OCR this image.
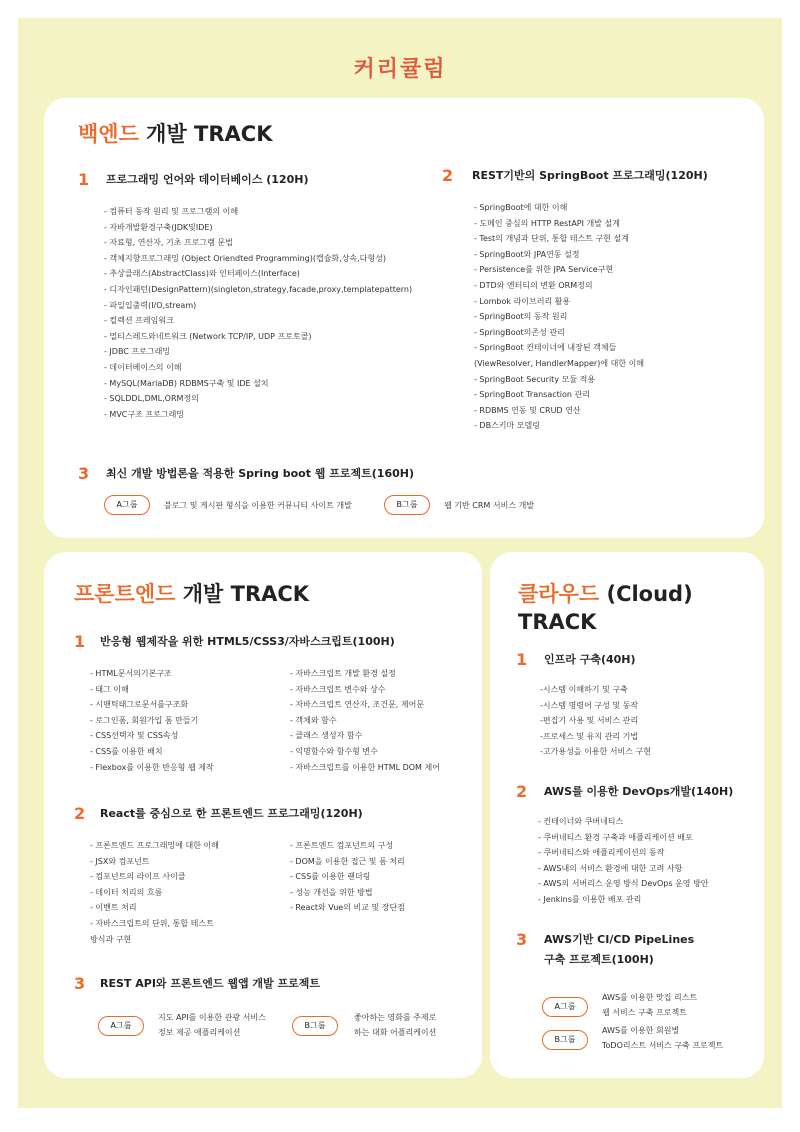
커리큘럼
백엔드 개발 TRACK
1 프로그래밍 언어와 데이터베이스 (120H)
- 컴퓨터 동작 원리 및 프로그램의 이해
- 자바개발환경구축(JDK및IDE)
- 자료형, 연산자, 기초 프로그램 문법
- 객체지향프로그래밍 (Object Oriendted Programming)(캡슐화,상속,다형성)
- 추상클래스(AbstractClass)와 인터페이스(Interface)
- 디자인패턴(DesignPattern)(singleton,strategy,facade,proxy,templatepattern)
- 파일입출력(I/O,stream)
- 컬렉션 프레임워크
- 멀티스레드와네트워크 (Network TCP/IP, UDP 프로토콜)
- JDBC 프로그래밍
- 데이터베이스의 이해
- MySQL(MariaDB) RDBMS구축 및 IDE 설치
- SQLDDL,DML,ORM정의
- MVC구조 프로그래밍
2 REST기반의 SpringBoot 프로그래밍(120H)
- SpringBoot에 대한 이해
- 도메인 중심의 HTTP RestAPI 개발 설계
- Test의 개념과 단위, 통합 테스트 구현 설계
- SpringBoot와 JPA연동 설정
- Persistence를 위한 JPA Service구현
- DTD와 엔터티의 변환 ORM정의
- Lombok 라이브러리 활용
- SpringBoot의 동작 원리
- SpringBoot의존성 관리
- SpringBoot 컨테이너에 내장된 객체들
(ViewResolver, HandlerMapper)에 대한 이해
- SpringBoot Security 모듈 적용
- SpringBoot Transaction 관리
- RDBMS 연동 및 CRUD 연산
- DB스키마 모델링
3 최신 개발 방법론을 적용한 Spring boot 웹 프로젝트(160H)
A그룹	블로그 및 게시판 형식을 이용한 커뮤니티 사이트 개발	B그룹	웹 기반 CRM 서비스 개발
프론트엔드 개발 TRACK
1 반응형 웹제작을 위한 HTML5/CSS3/자바스크립트(100H)
- HTML문서의기본구조
- 태그 이해
- 시맨틱태그로문서를구조화
- 로그인폼, 회원가입 폼 만들기
- CSS선택자 및 CSS속성
- CSS를 이용한 배치
- Flexbox를 이용한 반응형 웹 제작
- 자바스크립트 개발 환경 설정
- 자바스크립트 변수와 상수
- 자바스크립트 연산자, 조건문, 제어문
- 객체와 함수
- 클래스 생성자 함수
- 익명함수와 함수형 변수
- 자바스크립트를 이용한 HTML DOM 제어
2 React를 중심으로 한 프론트엔드 프로그래밍(120H)
- 프론트엔드 프로그래밍에 대한 이해
- JSX와 컴포넌트
- 컴포넌트의 라이프 사이클
- 데이터 처리의 흐름
- 이벤트 처리
- 자바스크립트의 단위, 통합 테스트
방식과 구현
- 프론트엔드 컴포넌트의 구성
- DOM을 이용한 접근 및 폼 처리
- CSS를 이용한 랜더링
- 성능 개선을 위한 방법
- React와 Vue의 비교 및 장단점
3 REST API와 프론트엔드 웹앱 개발 프로젝트
A그룹
지도 API를 이용한 관광 서비스
정보 제공 애플리케이션
B그룹
좋아하는 영화를 주제로
하는 대화 어플리케이션
클라우드 (Cloud)
TRACK
1 인프라 구축(40H)
-시스템 이해하기 및 구축
-시스템 명령어 구성 및 동작
-편집기 사용 및 서비스 관리
-프로세스 및 유지 관리 기법
-고가용성을 이용한 서비스 구현
2 AWS를 이용한 DevOps개발(140H)
- 컨테이너와 쿠버네티스
- 쿠버네티스 환경 구축과 애플리케이션 배포
- 쿠버네티스와 애플리케이션의 동작
- AWS내의 서비스 환경에 대한 고려 사항
- AWS의 서버리스 운영 방식 DevOps 운영 방안
- Jenkins를 이용한 배포 관리
3 AWS기반 CI/CD PipeLines
구축 프로젝트(100H)
A그룹
AWS를 이용한 맛집 리스트
웹 서비스 구축 프로젝트
B그룹
AWS를 이용한 회원별
ToDO리스트 서비스 구축 프로젝트
